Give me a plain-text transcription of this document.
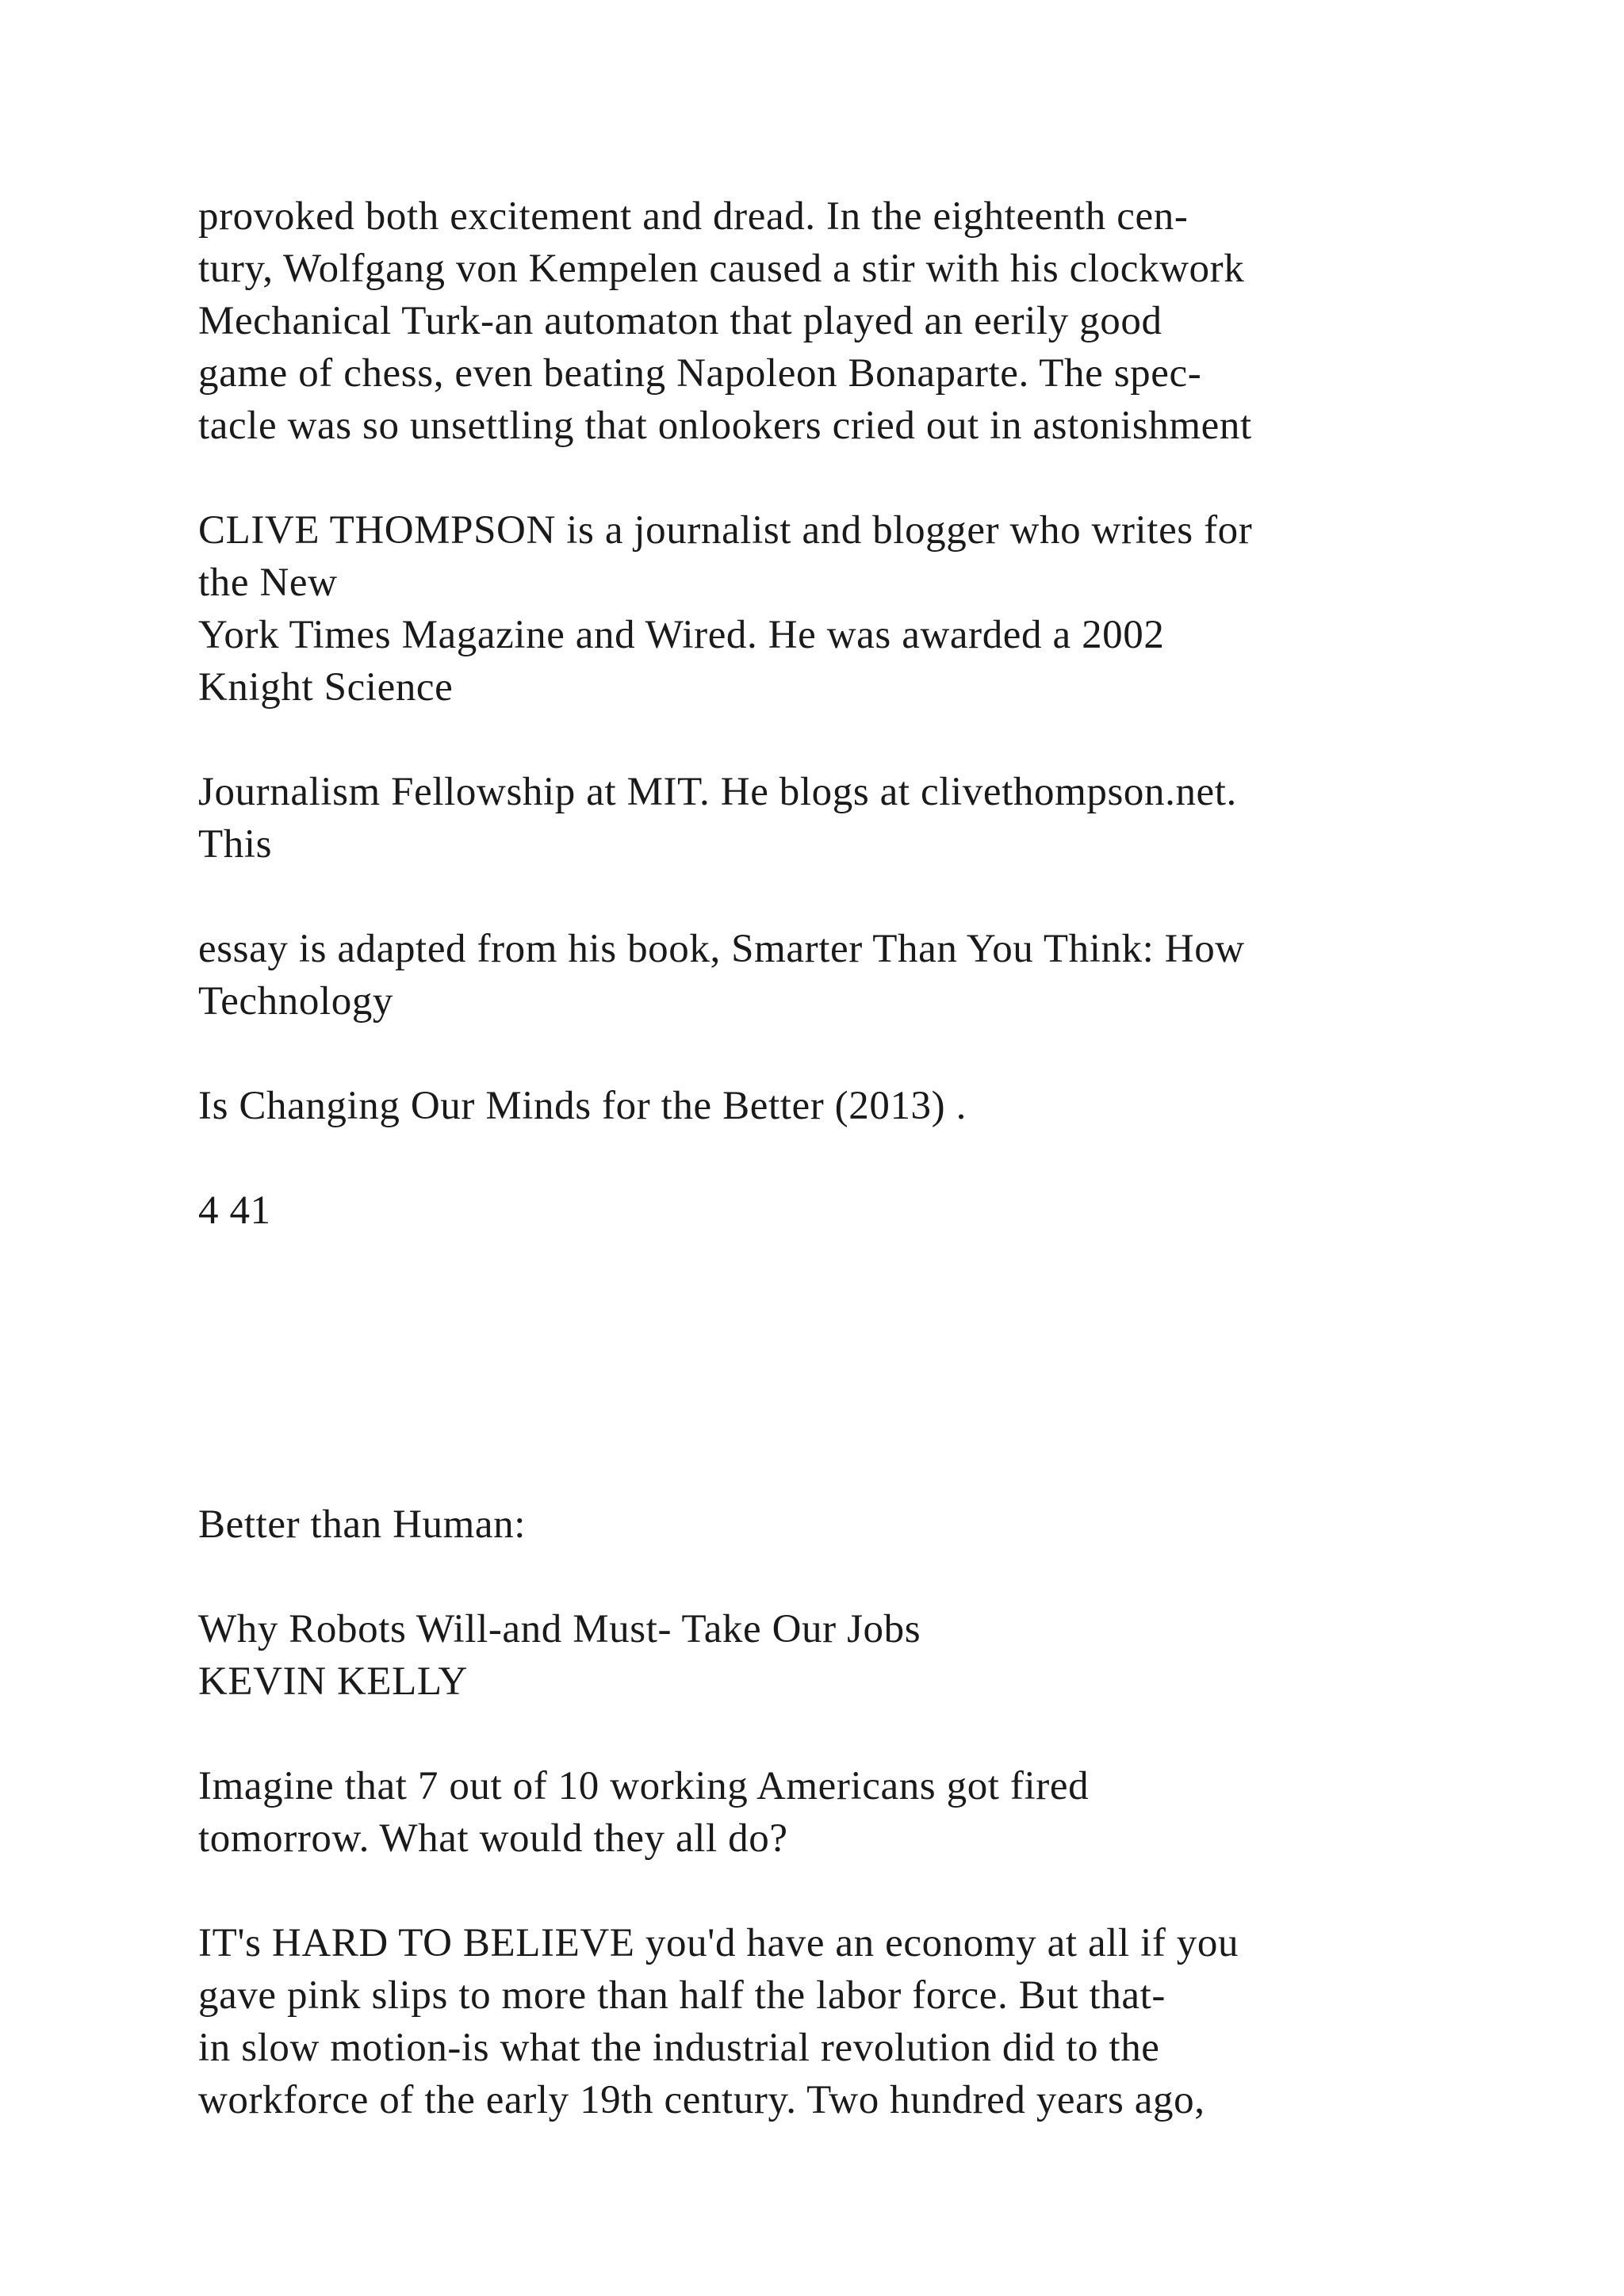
provoked both excitement and dread. In the eighteenth cen-
tury, Wolfgang von Kempelen caused a stir with his clockwork
Mechanical Turk-an automaton that played an eerily good
game of chess, even beating Napoleon Bonaparte. The spec-
tacle was so unsettling that onlookers cried out in astonishment
CLIVE THOMPSON is a journalist and blogger who writes for
the New
York Times Magazine and Wired. He was awarded a 2002
Knight Science
Journalism Fellowship at MIT. He blogs at clivethompson.net.
This
essay is adapted from his book, Smarter Than You Think: How
Technology
Is Changing Our Minds for the Better (2013) .
4 41
Better than Human:
Why Robots Will-and Must- Take Our Jobs
KEVIN KELLY
Imagine that 7 out of 10 working Americans got fired
tomorrow. What would they all do?
IT's HARD TO BELIEVE you'd have an economy at all if you
gave pink slips to more than half the labor force. But that-
in slow motion-is what the industrial revolution did to the
workforce of the early 19th century. Two hundred years ago,
